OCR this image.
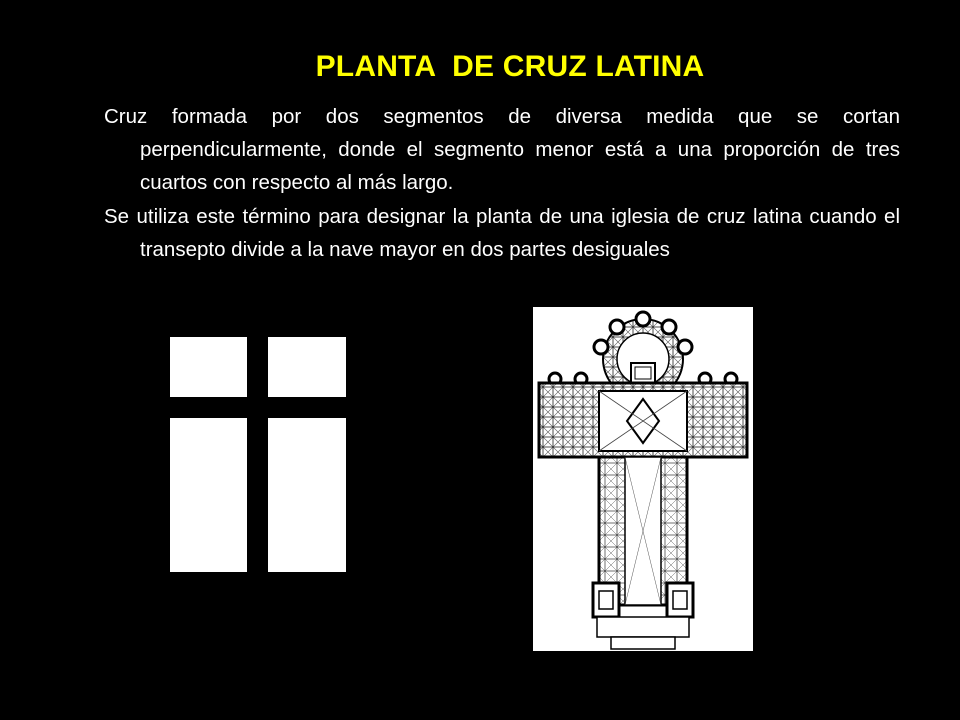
PLANTA  DE CRUZ LATINA

Cruz formada por dos segmentos de diversa medida que se cortan perpendicularmente, donde el segmento menor está a una proporción de tres cuartos con respecto al más largo.

Se utiliza este término para designar la planta de una iglesia de cruz latina cuando el transepto divide a la nave mayor en dos partes desiguales
